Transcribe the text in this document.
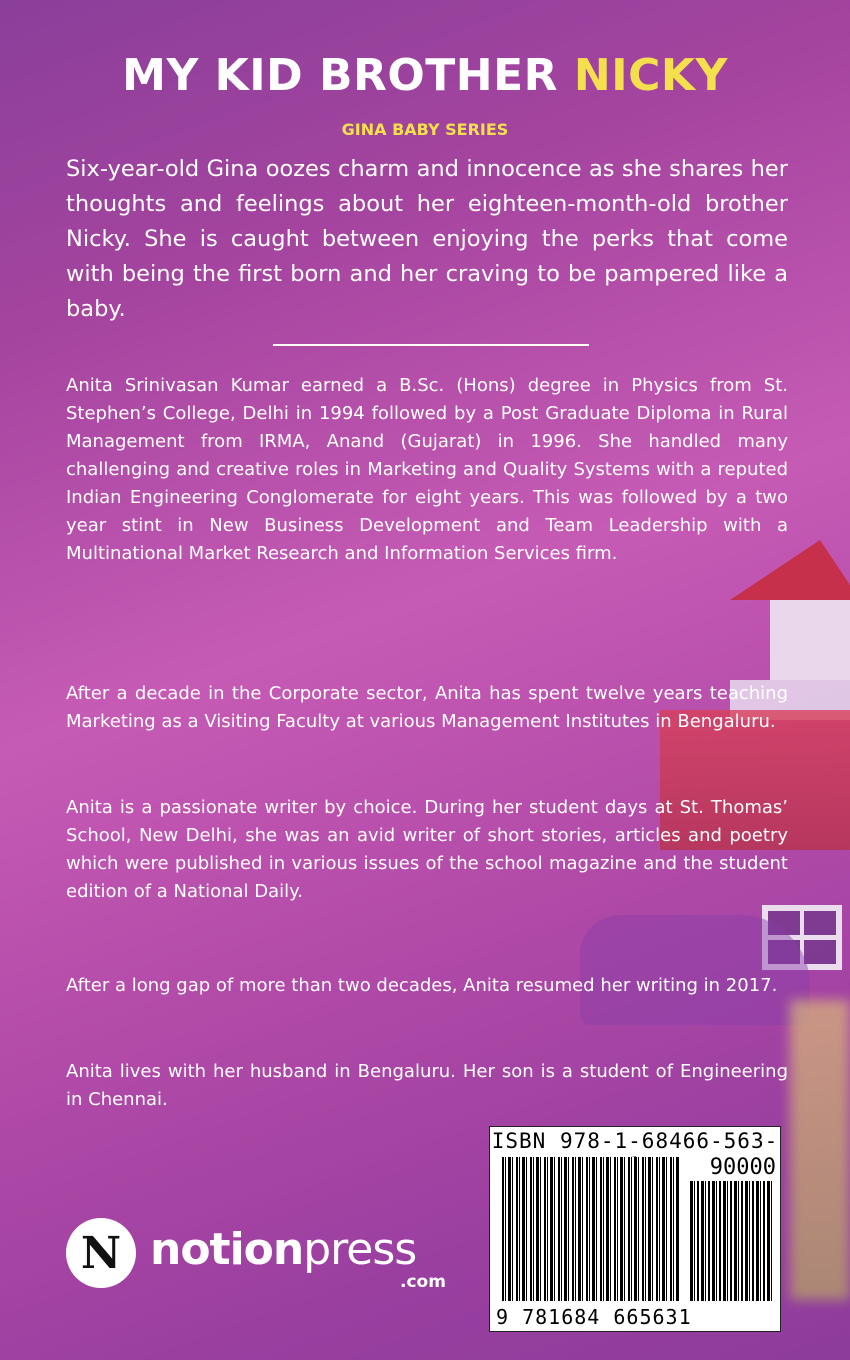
MY KID BROTHER NICKY
GINA BABY SERIES

Six-year-old Gina oozes charm and innocence as she shares her thoughts and feelings about her eighteen-month-old brother Nicky. She is caught between enjoying the perks that come with being the first born and her craving to be pampered like a baby.

Anita Srinivasan Kumar earned a B.Sc. (Hons) degree in Physics from St. Stephen’s College, Delhi in 1994 followed by a Post Graduate Diploma in Rural Management from IRMA, Anand (Gujarat) in 1996. She handled many challenging and creative roles in Marketing and Quality Systems with a reputed Indian Engineering Conglomerate for eight years. This was followed by a two year stint in New Business Development and Team Leadership with a Multinational Market Research and Information Services firm.

After a decade in the Corporate sector, Anita has spent twelve years teaching Marketing as a Visiting Faculty at various Management Institutes in Bengaluru.

Anita is a passionate writer by choice. During her student days at St. Thomas’ School, New Delhi, she was an avid writer of short stories, articles and poetry which were published in various issues of the school magazine and the student edition of a National Daily.

After a long gap of more than two decades, Anita resumed her writing in 2017.

Anita lives with her husband in Bengaluru. Her son is a student of Engineering in Chennai.

ISBN 978-1-68466-563-
90000
9 781684 665631
N notionpress
.com
